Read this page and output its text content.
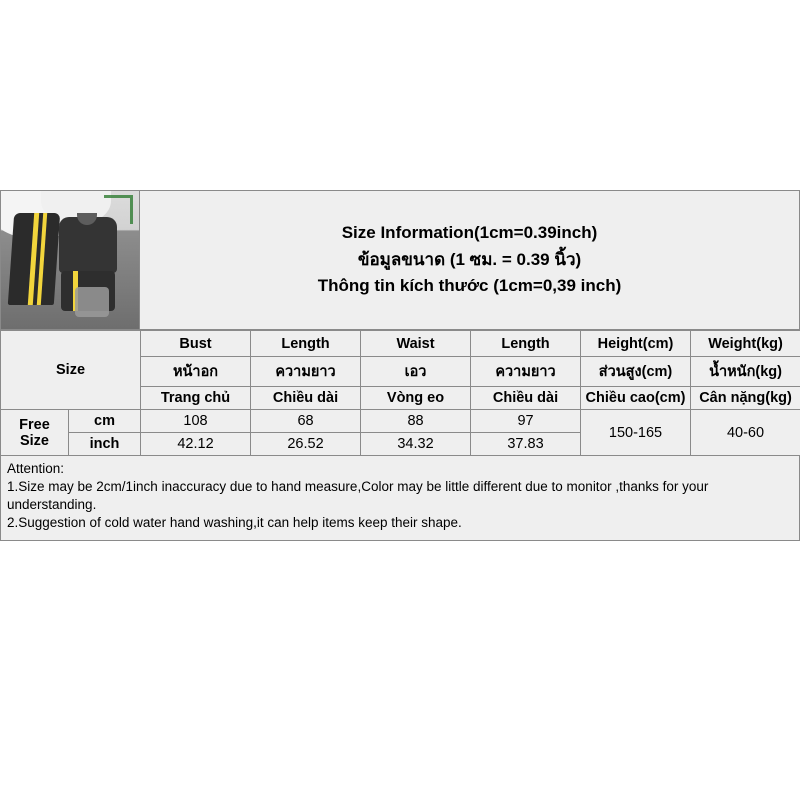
Size Information(1cm=0.39inch)
ข้อมูลขนาด (1 ซม. = 0.39 นิ้ว)
Thông tin kích thước (1cm=0,39 inch)
Size		Bust	Length	Waist	Length	Height(cm)	Weight(kg)
		หน้าอก	ความยาว	เอว	ความยาว	ส่วนสูง(cm)	น้ำหนัก(kg)
		Trang chủ	Chiều dài	Vòng eo	Chiều dài	Chiều cao(cm)	Cân nặng(kg)
Free Size	cm	108	68	88	97	150-165	40-60
	inch	42.12	26.52	34.32	37.83		
Attention:
1.Size may be 2cm/1inch inaccuracy due to hand measure,Color may be little different due to monitor ,thanks for your understanding.
2.Suggestion of cold water hand washing,it can help items keep their shape.
